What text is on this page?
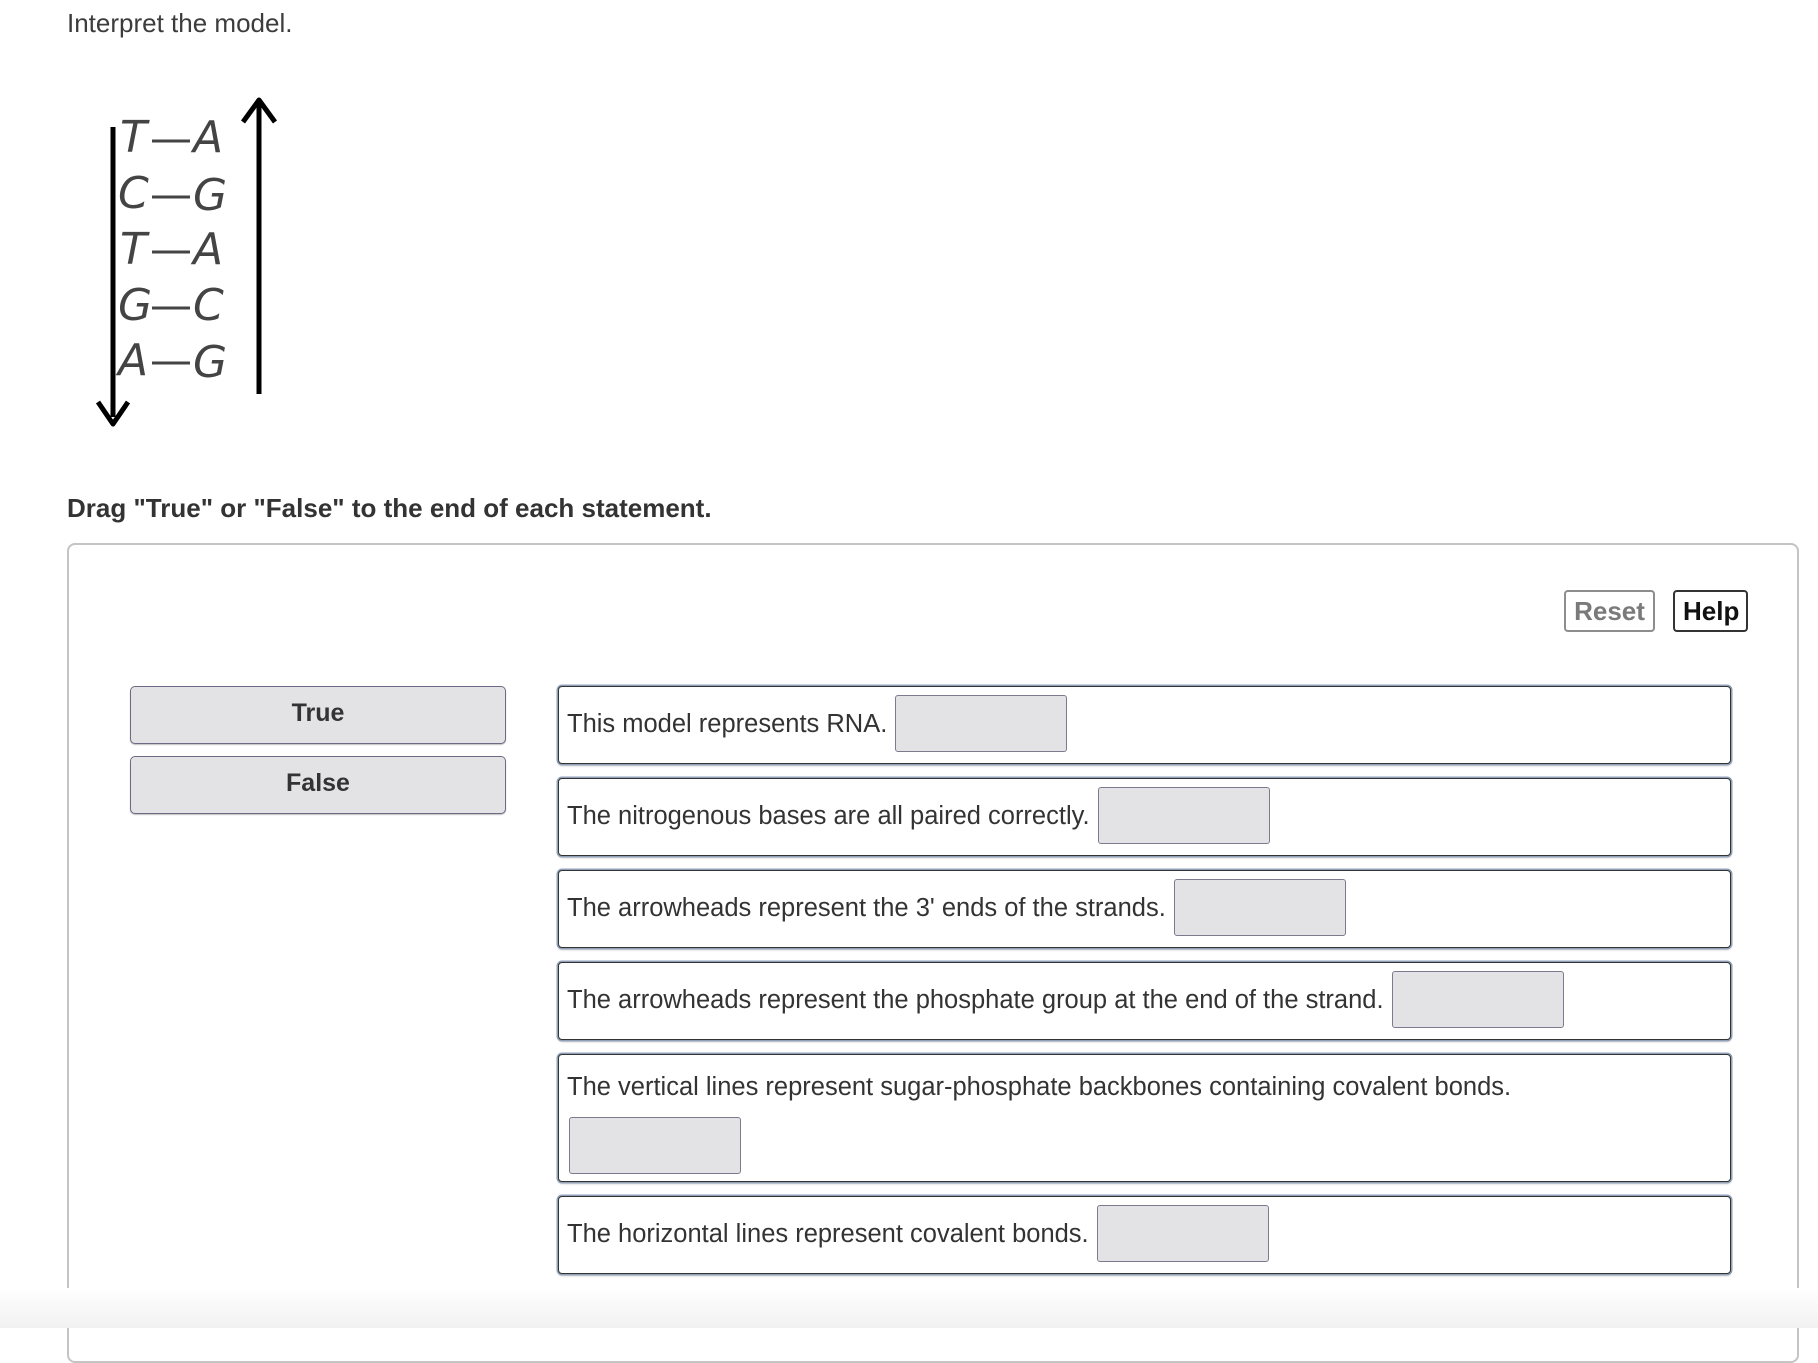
Interpret the model.
T A
C G
T A
G C
A G
Drag "True" or "False" to the end of each statement.
Reset	Help
True
False
This model represents RNA.
The nitrogenous bases are all paired correctly.
The arrowheads represent the 3' ends of the strands.
The arrowheads represent the phosphate group at the end of the strand.
The vertical lines represent sugar-phosphate backbones containing covalent bonds.
The horizontal lines represent covalent bonds.
